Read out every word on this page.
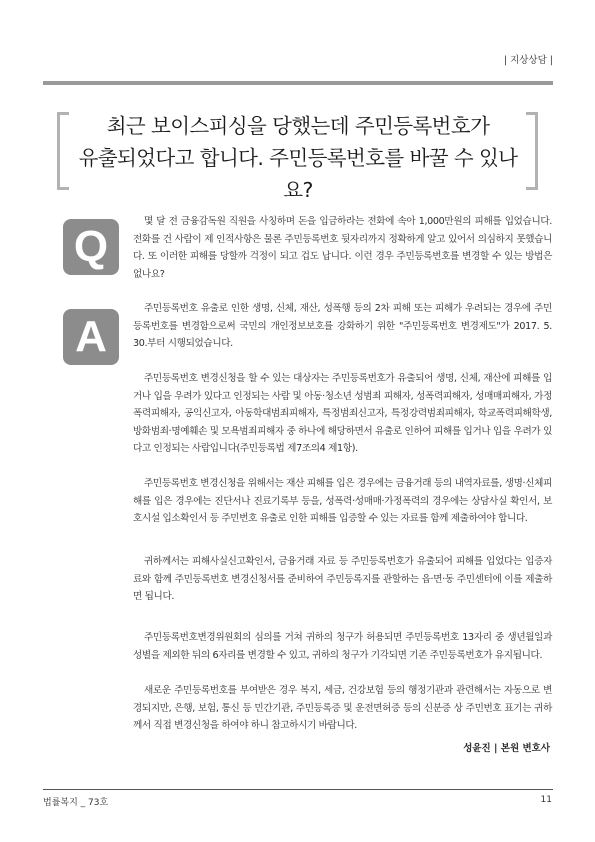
| 지상상담 |
최근 보이스피싱을 당했는데 주민등록번호가
유출되었다고 합니다. 주민등록번호를 바꿀 수 있나요?
Q

몇 달 전 금융감독원 직원을 사칭하며 돈을 입금하라는 전화에 속아 1,000만원의 피해를 입었습니다. 전화를 건 사람이 제 인적사항은 물론 주민등록번호 뒷자리까지 정확하게 알고 있어서 의심하지 못했습니다. 또 이러한 피해를 당할까 걱정이 되고 겁도 납니다. 이런 경우 주민등록번호를 변경할 수 있는 방법은 없나요?

A

주민등록번호 유출로 인한 생명, 신체, 재산, 성폭행 등의 2차 피해 또는 피해가 우려되는 경우에 주민등록번호를 변경함으로써 국민의 개인정보보호를 강화하기 위한 "주민등록번호 변경제도"가 2017. 5. 30.부터 시행되었습니다.

주민등록번호 변경신청을 할 수 있는 대상자는 주민등록번호가 유출되어 생명, 신체, 재산에 피해를 입거나 입을 우려가 있다고 인정되는 사람 및 아동·청소년 성범죄 피해자, 성폭력피해자, 성매매피해자, 가정폭력피해자, 공익신고자, 아동학대범죄피해자, 특정범죄신고자, 특정강력범죄피해자, 학교폭력피해학생, 방화범죄·명예훼손 및 모욕범죄피해자 중 하나에 해당하면서 유출로 인하여 피해를 입거나 입을 우려가 있다고 인정되는 사람입니다(주민등록법 제7조의4 제1항).

주민등록번호 변경신청을 위해서는 재산 피해를 입은 경우에는 금융거래 등의 내역자료를, 생명·신체피해를 입은 경우에는 진단서나 진료기록부 등을, 성폭력·성매매·가정폭력의 경우에는 상담사실 확인서, 보호시설 입소확인서 등 주민번호 유출로 인한 피해를 입증할 수 있는 자료를 함께 제출하여야 합니다.

귀하께서는 피해사실신고확인서, 금융거래 자료 등 주민등록번호가 유출되어 피해를 입었다는 입증자료와 함께 주민등록번호 변경신청서를 준비하여 주민등록지를 관할하는 읍·면·동 주민센터에 이를 제출하면 됩니다.

주민등록번호변경위원회의 심의를 거쳐 귀하의 청구가 허용되면 주민등록번호 13자리 중 생년월일과 성별을 제외한 뒤의 6자리를 변경할 수 있고, 귀하의 청구가 기각되면 기존 주민등록번호가 유지됩니다.

새로운 주민등록번호를 부여받은 경우 복지, 세금, 건강보험 등의 행정기관과 관련해서는 자동으로 변경되지만, 은행, 보험, 통신 등 민간기관, 주민등록증 및 운전면허증 등의 신분증 상 주민번호 표기는 귀하께서 직접 변경신청을 하여야 하니 참고하시기 바랍니다.

성윤진 | 본원 변호사
법률복지 _ 73호	11
